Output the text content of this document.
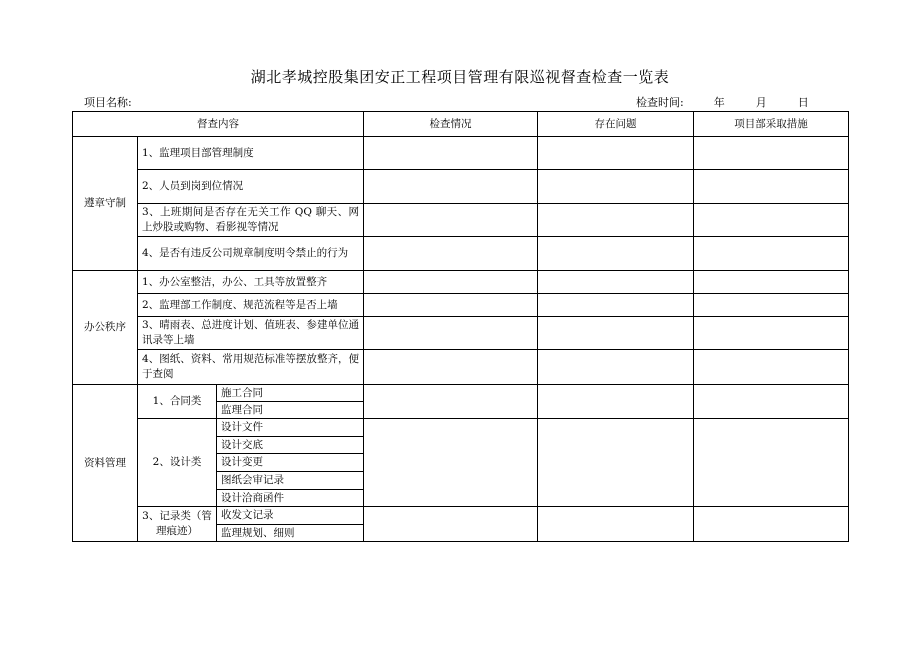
湖北孝城控股集团安正工程项目管理有限巡视督查检查一览表
项目名称:	检查时间:	年	月	日
督查内容			检查情况	存在问题	项目部采取措施
遵章守制	1、监理项目部管理制度				
	2、人员到岗到位情况				
	3、上班期间是否存在无关工作 QQ 聊天、网上炒股或购物、看影视等情况				
	4、是否有违反公司规章制度明令禁止的行为				
办公秩序	1、办公室整洁，办公、工具等放置整齐				
	2、监理部工作制度、规范流程等是否上墙				
	3、晴雨表、总进度计划、值班表、参建单位通讯录等上墙				
	4、图纸、资料、常用规范标准等摆放整齐，便于查阅				
资料管理	1、合同类	施工合同			
		监理合同			
	2、设计类	设计文件			
		设计交底			
		设计变更			
		图纸会审记录			
		设计洽商函件			
	3、记录类（管理痕迹）	收发文记录			
		监理规划、细则			
